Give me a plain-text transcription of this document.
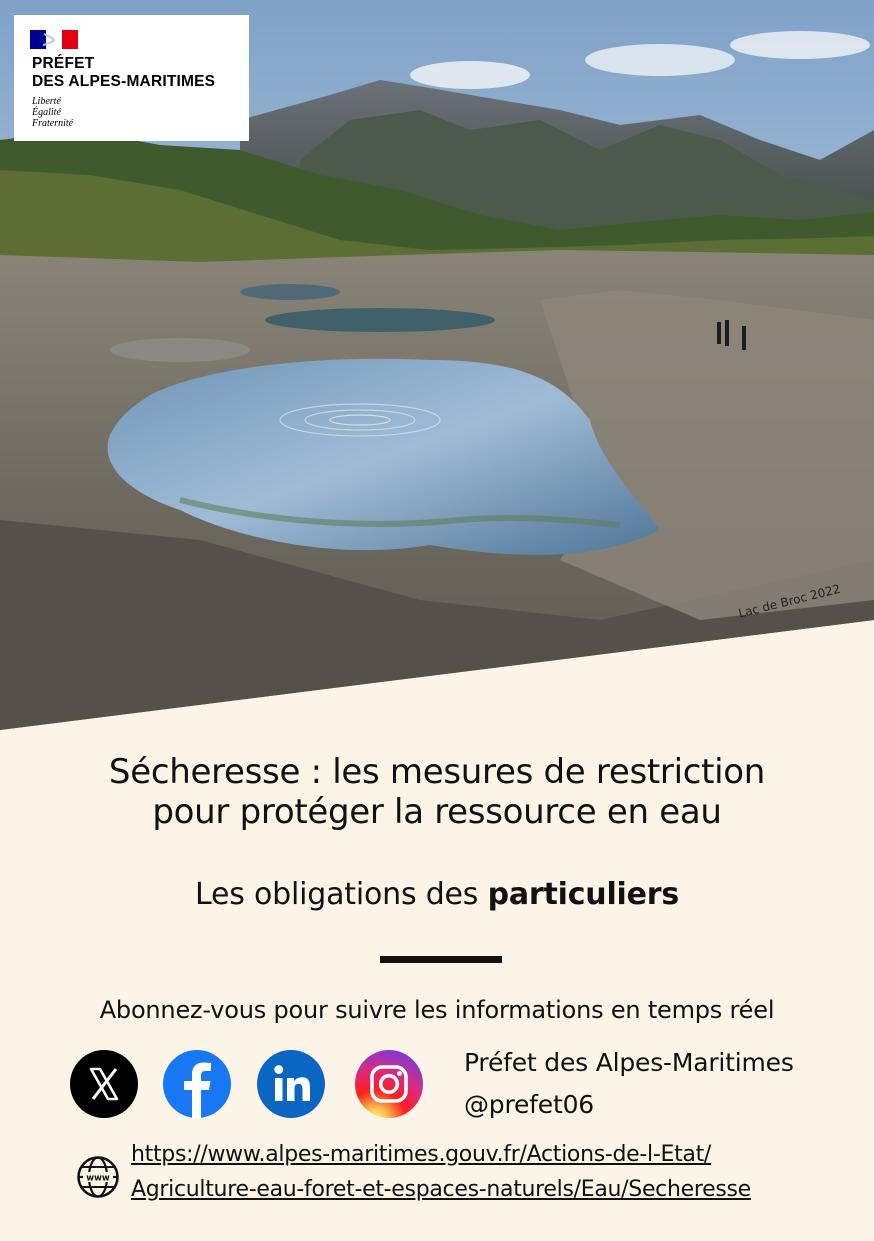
PRÉFET
DES ALPES-MARITIMES
Liberté
Égalité
Fraternité
Lac de Broc 2022
Sécheresse : les mesures de restriction
pour protéger la ressource en eau
Les obligations des particuliers
Abonnez-vous pour suivre les informations en temps réel
Préfet des Alpes-Maritimes
@prefet06
www
https://www.alpes-maritimes.gouv.fr/Actions-de-l-Etat/
Agriculture-eau-foret-et-espaces-naturels/Eau/Secheresse
